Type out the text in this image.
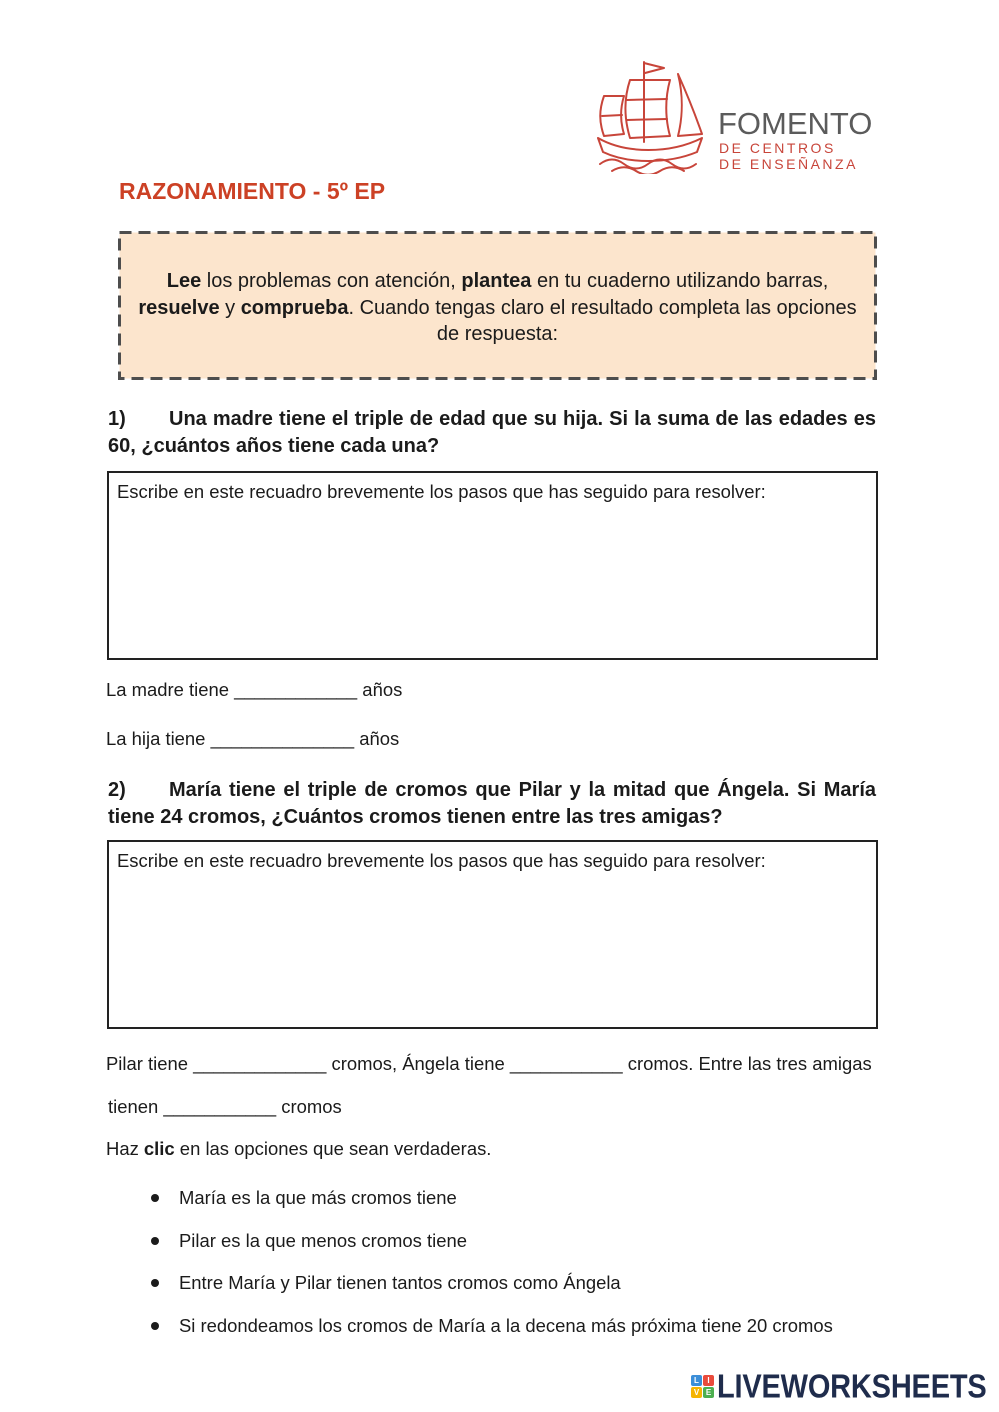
FOMENTO
DE CENTROS
DE ENSEÑANZA
RAZONAMIENTO - 5º EP
Lee los problemas con atención, plantea en tu cuaderno utilizando barras,
resuelve y comprueba. Cuando tengas claro el resultado completa las opciones
de respuesta:
1) Una madre tiene el triple de edad que su hija. Si la suma de las edades es 60, ¿cuántos años tiene cada una?
Escribe en este recuadro brevemente los pasos que has seguido para resolver:
La madre tiene ____________ años
La hija tiene ______________ años
2) María tiene el triple de cromos que Pilar y la mitad que Ángela. Si María tiene 24 cromos, ¿Cuántos cromos tienen entre las tres amigas?
Escribe en este recuadro brevemente los pasos que has seguido para resolver:
Pilar tiene _____________ cromos, Ángela tiene ___________ cromos. Entre las tres amigas
tienen ___________ cromos
Haz clic en las opciones que sean verdaderas.
María es la que más cromos tiene
Pilar es la que menos cromos tiene
Entre María y Pilar tienen tantos cromos como Ángela
Si redondeamos los cromos de María a la decena más próxima tiene 20 cromos
L	I
V E LIVEWORKSHEETS
